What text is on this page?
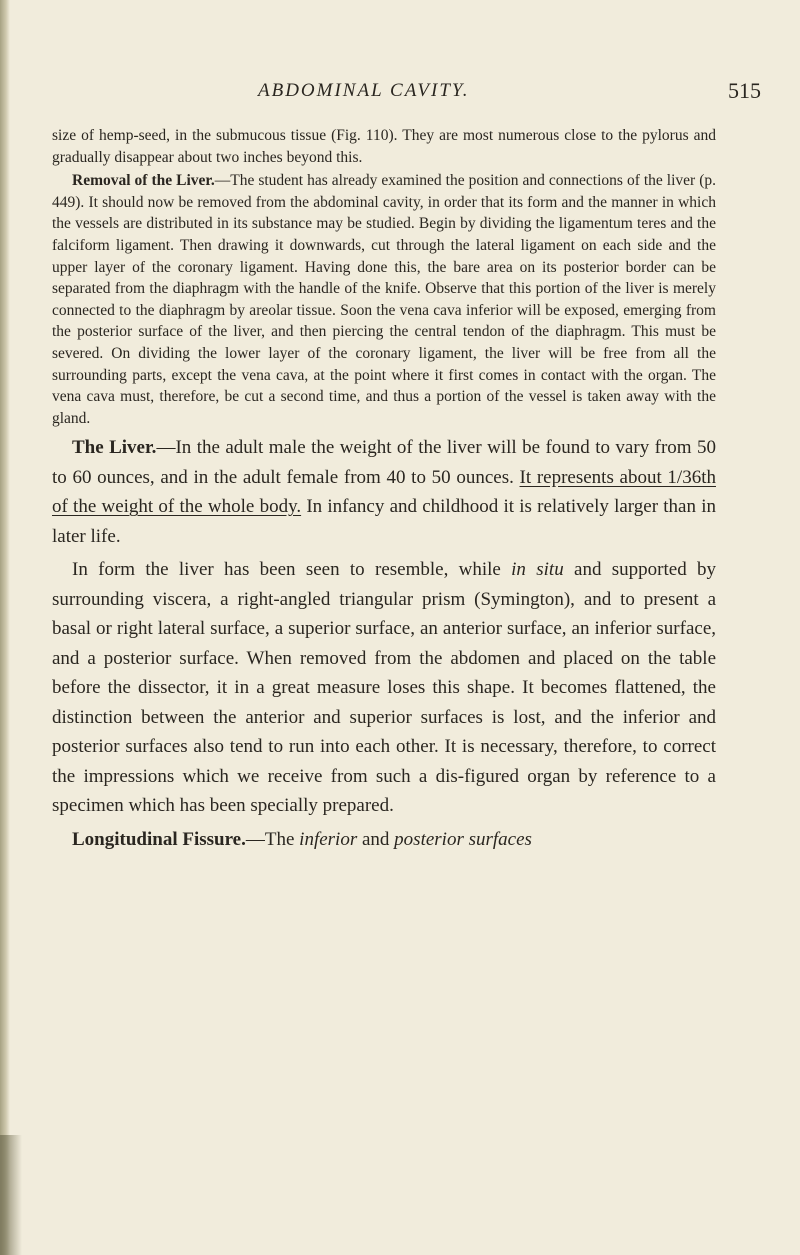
ABDOMINAL CAVITY.	515

size of hemp-seed, in the submucous tissue (Fig. 110). They are most numerous close to the pylorus and gradually disappear about two inches beyond this.

Removal of the Liver.—The student has already examined the position and connections of the liver (p. 449). It should now be removed from the abdominal cavity, in order that its form and the manner in which the vessels are distributed in its substance may be studied. Begin by dividing the ligamentum teres and the falciform ligament. Then drawing it downwards, cut through the lateral ligament on each side and the upper layer of the coronary ligament. Having done this, the bare area on its posterior border can be separated from the diaphragm with the handle of the knife. Observe that this portion of the liver is merely connected to the diaphragm by areolar tissue. Soon the vena cava inferior will be exposed, emerging from the posterior surface of the liver, and then piercing the central tendon of the diaphragm. This must be severed. On dividing the lower layer of the coronary ligament, the liver will be free from all the surrounding parts, except the vena cava, at the point where it first comes in contact with the organ. The vena cava must, therefore, be cut a second time, and thus a portion of the vessel is taken away with the gland.

The Liver.—In the adult male the weight of the liver will be found to vary from 50 to 60 ounces, and in the adult female from 40 to 50 ounces. It represents about 1/36th of the weight of the whole body. In infancy and childhood it is relatively larger than in later life.

In form the liver has been seen to resemble, while in situ and supported by surrounding viscera, a right-angled triangular prism (Symington), and to present a basal or right lateral surface, a superior surface, an anterior surface, an inferior surface, and a posterior surface. When removed from the abdomen and placed on the table before the dissector, it in a great measure loses this shape. It becomes flattened, the distinction between the anterior and superior surfaces is lost, and the inferior and posterior surfaces also tend to run into each other. It is necessary, therefore, to correct the impressions which we receive from such a dis-figured organ by reference to a specimen which has been specially prepared.

Longitudinal Fissure.—The inferior and posterior surfaces
